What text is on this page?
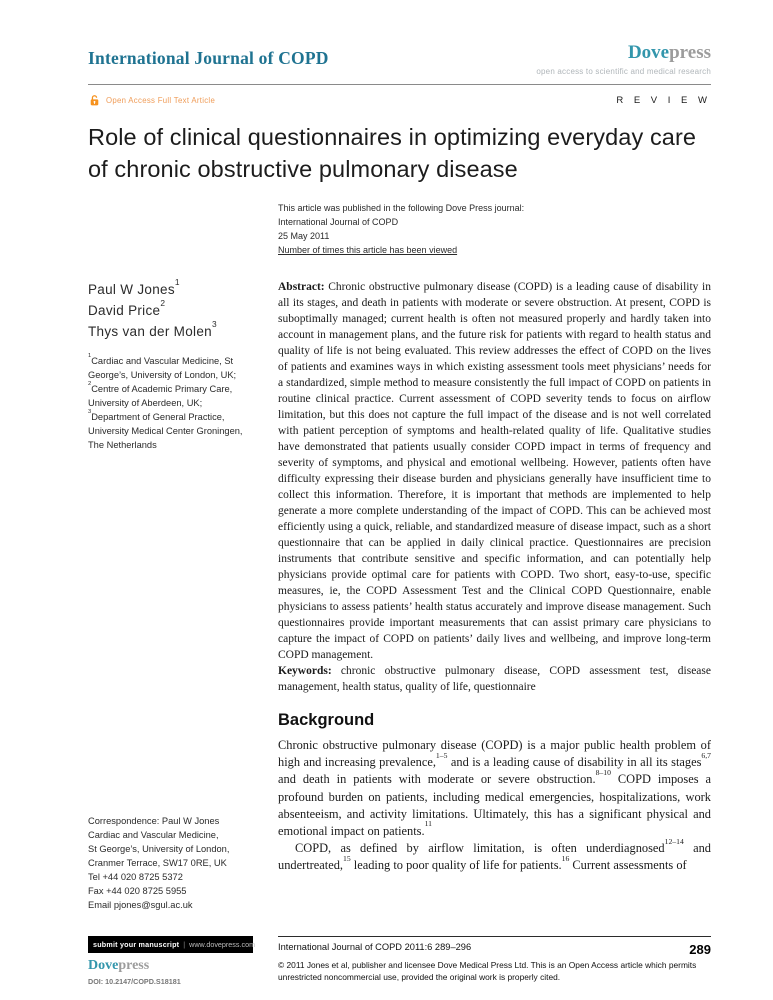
International Journal of COPD	Dovepress
open access to scientific and medical research
Open Access Full Text Article	R E V I E W
Role of clinical questionnaires in optimizing everyday care of chronic obstructive pulmonary disease
This article was published in the following Dove Press journal:
International Journal of COPD
25 May 2011
Number of times this article has been viewed
Paul W Jones$^1$
David Price$^2$
Thys van der Molen$^3$
$^1$Cardiac and Vascular Medicine, St George’s, University of London, UK; $^2$Centre of Academic Primary Care, University of Aberdeen, UK; $^3$Department of General Practice, University Medical Center Groningen, The Netherlands

Abstract: Chronic obstructive pulmonary disease (COPD) is a leading cause of disability in all its stages, and death in patients with moderate or severe obstruction. At present, COPD is suboptimally managed; current health is often not measured properly and hardly taken into account in management plans, and the future risk for patients with regard to health status and quality of life is not being evaluated. This review addresses the effect of COPD on the lives of patients and examines ways in which existing assessment tools meet physicians’ needs for a standardized, simple method to measure consistently the full impact of COPD on patients in routine clinical practice. Current assessment of COPD severity tends to focus on airflow limitation, but this does not capture the full impact of the disease and is not well correlated with patient perception of symptoms and health-related quality of life. Qualitative studies have demonstrated that patients usually consider COPD impact in terms of frequency and severity of symptoms, and physical and emotional wellbeing. However, patients often have difficulty expressing their disease burden and physicians generally have insufficient time to collect this information. Therefore, it is important that methods are implemented to help generate a more complete understanding of the impact of COPD. This can be achieved most efficiently using a quick, reliable, and standardized measure of disease impact, such as a short questionnaire that can be applied in daily clinical practice. Questionnaires are precision instruments that contribute sensitive and specific information, and can potentially help physicians provide optimal care for patients with COPD. Two short, easy-to-use, specific measures, ie, the COPD Assessment Test and the Clinical COPD Questionnaire, enable physicians to assess patients’ health status accurately and improve disease management. Such questionnaires provide important measurements that can assist primary care physicians to capture the impact of COPD on patients’ daily lives and wellbeing, and improve long-term COPD management.

Keywords: chronic obstructive pulmonary disease, COPD assessment test, disease management, health status, quality of life, questionnaire

Background

Chronic obstructive pulmonary disease (COPD) is a major public health problem of high and increasing prevalence,$^{1-5}$ and is a leading cause of disability in all its stages$^{6,7}$ and death in patients with moderate or severe obstruction.$^{8-10}$ COPD imposes a profound burden on patients, including medical emergencies, hospitalizations, work absenteeism, and activity limitations. Ultimately, this has a significant physical and emotional impact on patients.$^{11}$

COPD, as defined by airflow limitation, is often underdiagnosed$^{12-14}$ and undertreated,$^{15}$ leading to poor quality of life for patients.$^{16}$ Current assessments of

Correspondence: Paul W Jones
Cardiac and Vascular Medicine,
St George’s, University of London,
Cranmer Terrace, SW17 0RE, UK
Tel +44 020 8725 5372
Fax +44 020 8725 5955
Email pjones@sgul.ac.uk
submit your manuscript | www.dovepress.com
Dovepress
DOI: 10.2147/COPD.S18181
International Journal of COPD 2011:6 289–296	289
© 2011 Jones et al, publisher and licensee Dove Medical Press Ltd. This is an Open Access article which permits unrestricted noncommercial use, provided the original work is properly cited.
